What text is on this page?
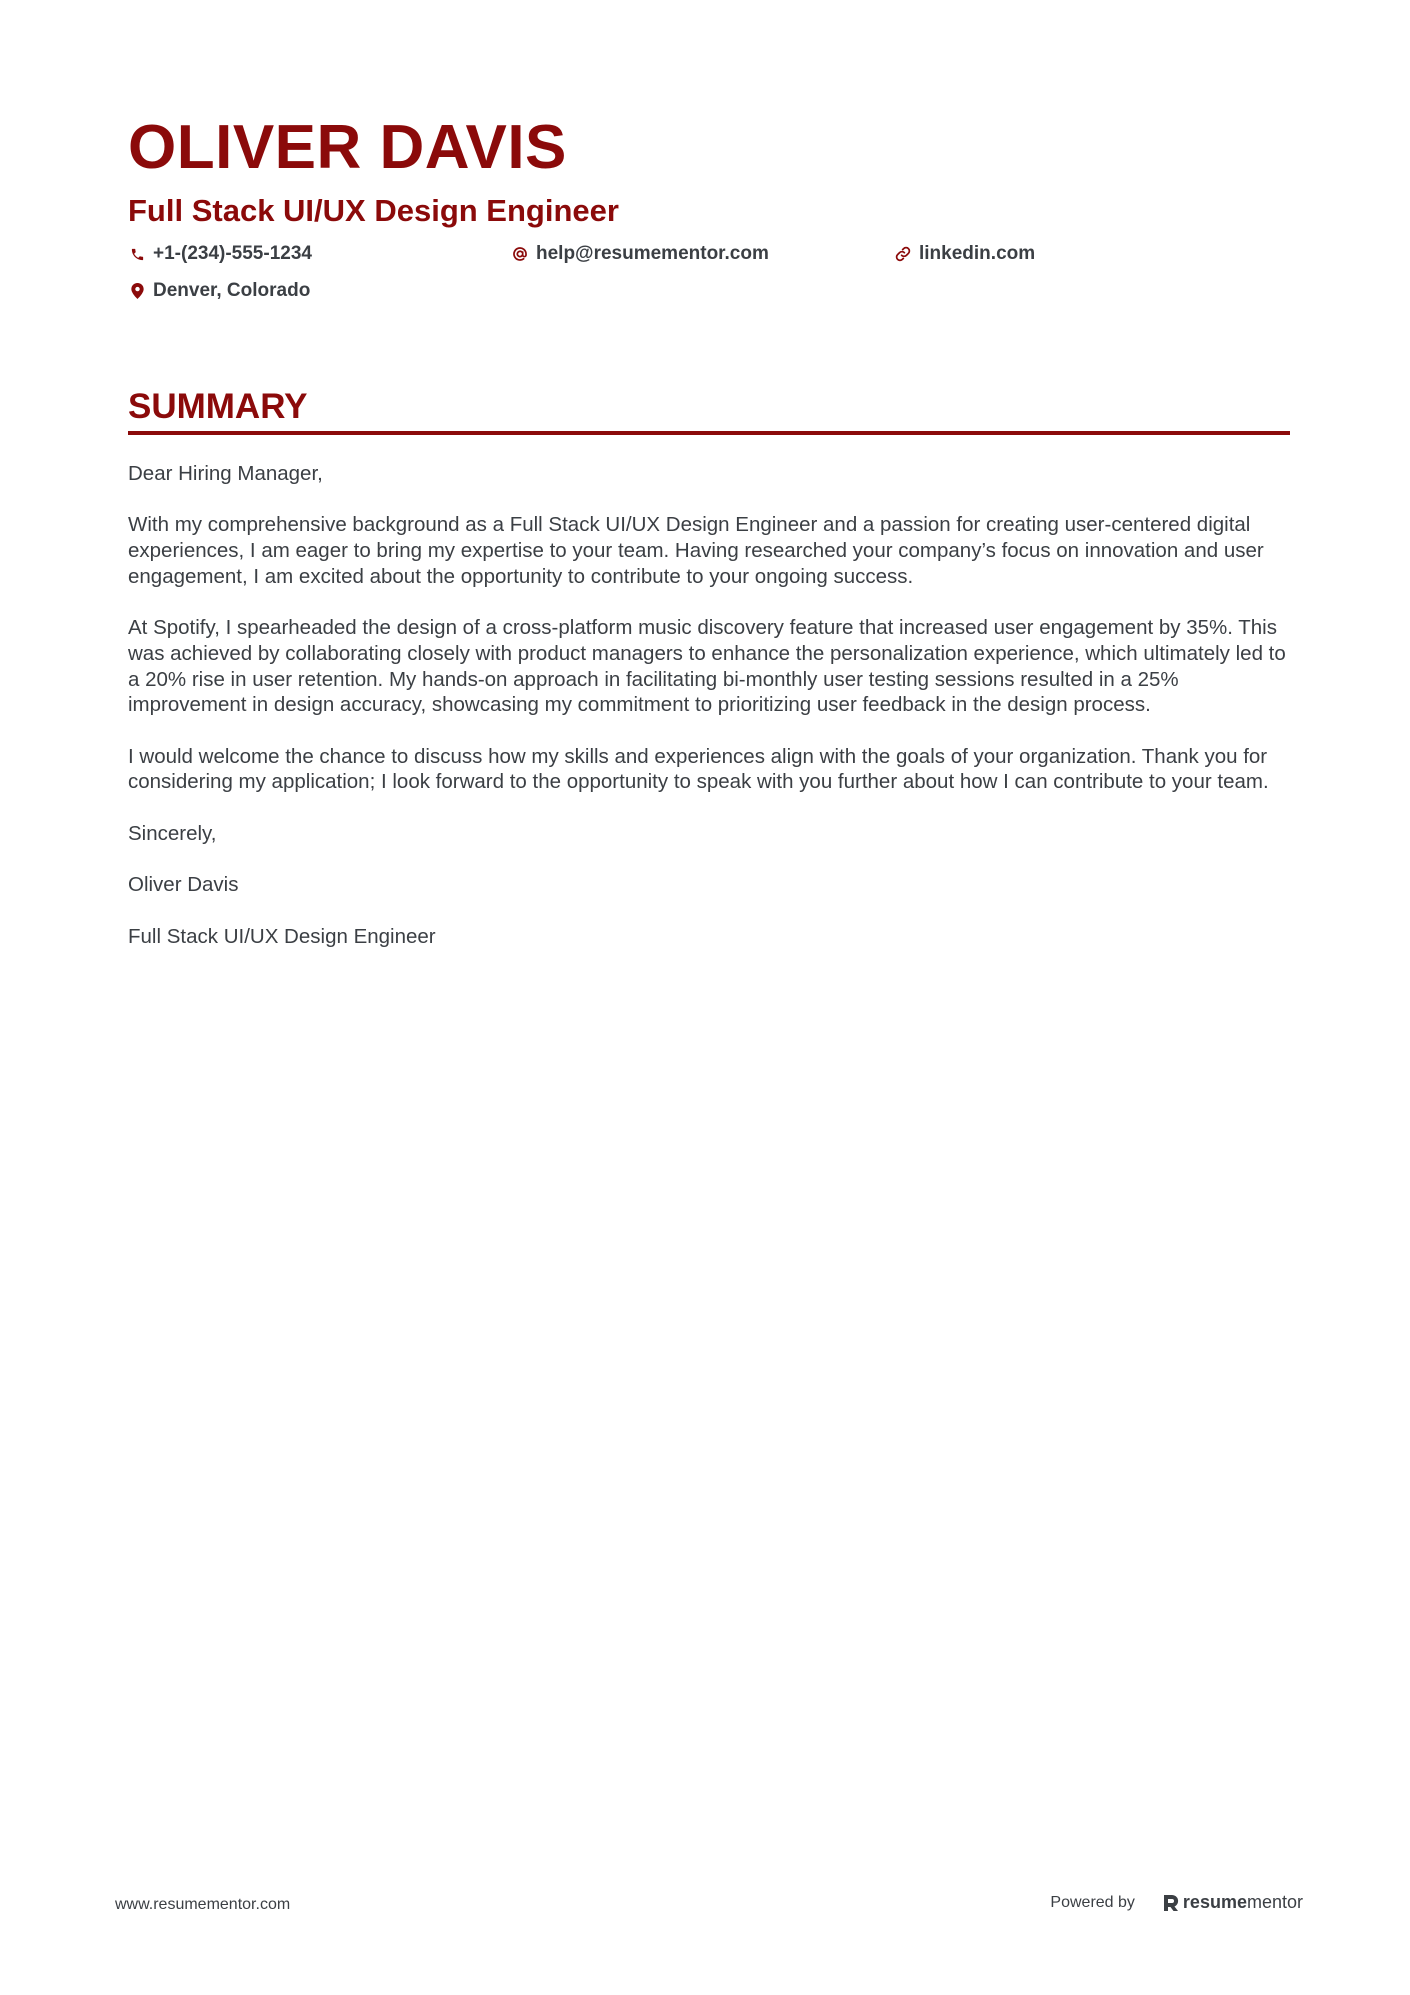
OLIVER DAVIS
Full Stack UI/UX Design Engineer
+1-(234)-555-1234	help@resumementor.com	linkedin.com
Denver, Colorado
SUMMARY

Dear Hiring Manager,

With my comprehensive background as a Full Stack UI/UX Design Engineer and a passion for creating user-centered digital experiences, I am eager to bring my expertise to your team. Having researched your company’s focus on innovation and user engagement, I am excited about the opportunity to contribute to your ongoing success.

At Spotify, I spearheaded the design of a cross-platform music discovery feature that increased user engagement by 35%. This was achieved by collaborating closely with product managers to enhance the personalization experience, which ultimately led to a 20% rise in user retention. My hands-on approach in facilitating bi-monthly user testing sessions resulted in a 25% improvement in design accuracy, showcasing my commitment to prioritizing user feedback in the design process.

I would welcome the chance to discuss how my skills and experiences align with the goals of your organization. Thank you for considering my application; I look forward to the opportunity to speak with you further about how I can contribute to your team.

Sincerely,

Oliver Davis

Full Stack UI/UX Design Engineer

www.resumementor.com	Powered by	resume mentor
